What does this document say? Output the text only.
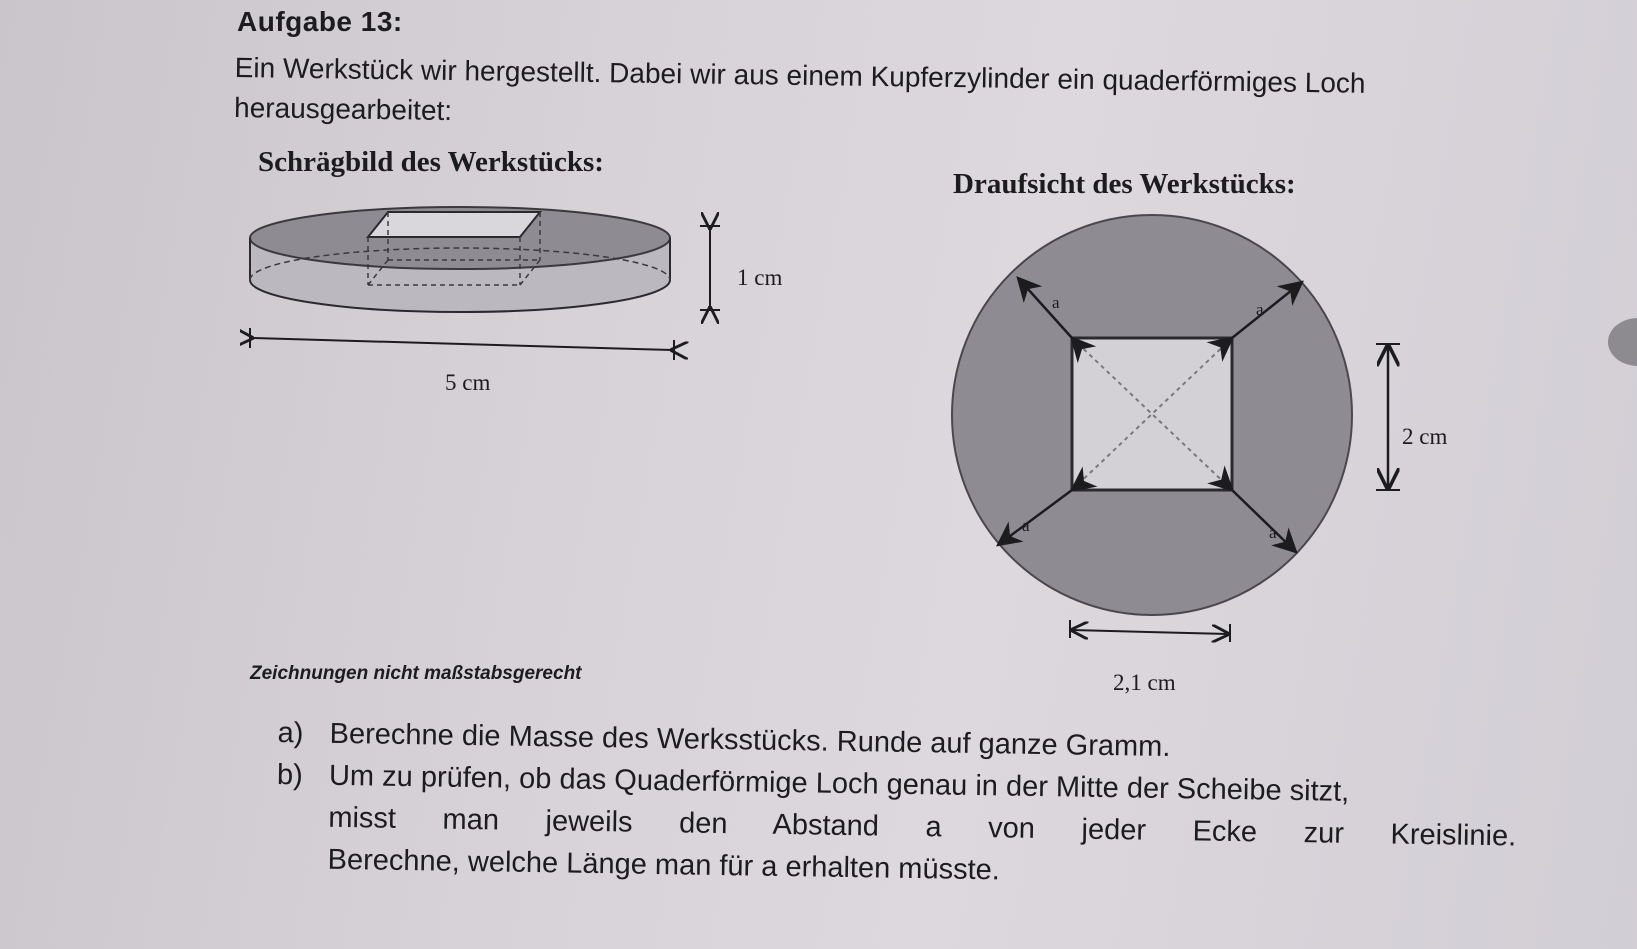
Aufgabe 13:
Ein Werkstück wir hergestellt. Dabei wir aus einem Kupferzylinder ein quaderförmiges Loch herausgearbeitet:
Schrägbild des Werkstücks:
Draufsicht des Werkstücks:
1 cm
5 cm
a	a
a	a
2 cm
2,1 cm
Zeichnungen nicht maßstabsgerecht
a) Berechne die Masse des Werksstücks. Runde auf ganze Gramm.
b) Um zu prüfen, ob das Quaderförmige Loch genau in der Mitte der Scheibe sitzt,
misst man jeweils den Abstand a von jeder Ecke zur Kreislinie.
Berechne, welche Länge man für a erhalten müsste.
